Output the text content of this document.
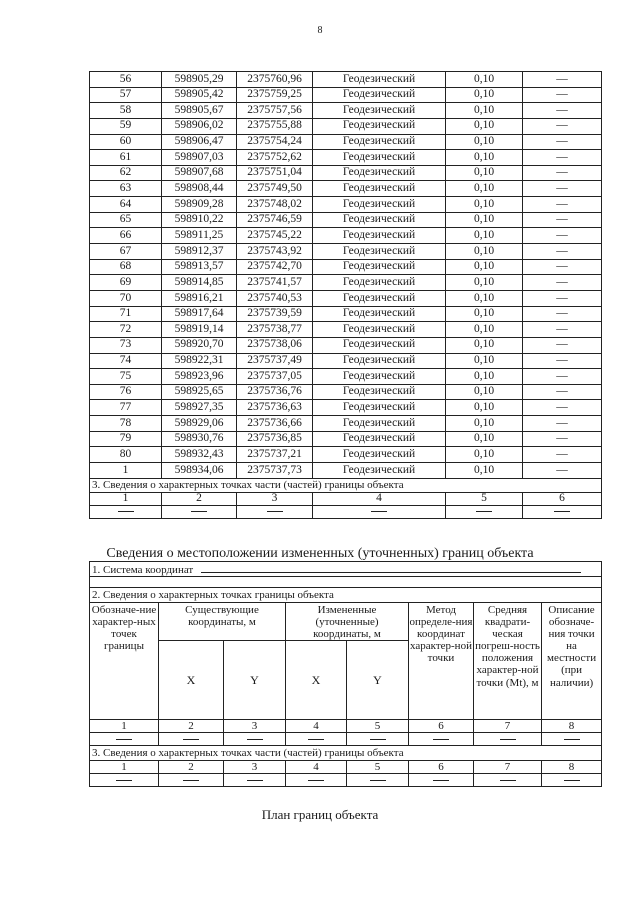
8
56	598905,29	2375760,96	Геодезический	0,10	—
57	598905,42	2375759,25	Геодезический	0,10	—
58	598905,67	2375757,56	Геодезический	0,10	—
59	598906,02	2375755,88	Геодезический	0,10	—
60	598906,47	2375754,24	Геодезический	0,10	—
61	598907,03	2375752,62	Геодезический	0,10	—
62	598907,68	2375751,04	Геодезический	0,10	—
63	598908,44	2375749,50	Геодезический	0,10	—
64	598909,28	2375748,02	Геодезический	0,10	—
65	598910,22	2375746,59	Геодезический	0,10	—
66	598911,25	2375745,22	Геодезический	0,10	—
67	598912,37	2375743,92	Геодезический	0,10	—
68	598913,57	2375742,70	Геодезический	0,10	—
69	598914,85	2375741,57	Геодезический	0,10	—
70	598916,21	2375740,53	Геодезический	0,10	—
71	598917,64	2375739,59	Геодезический	0,10	—
72	598919,14	2375738,77	Геодезический	0,10	—
73	598920,70	2375738,06	Геодезический	0,10	—
74	598922,31	2375737,49	Геодезический	0,10	—
75	598923,96	2375737,05	Геодезический	0,10	—
76	598925,65	2375736,76	Геодезический	0,10	—
77	598927,35	2375736,63	Геодезический	0,10	—
78	598929,06	2375736,66	Геодезический	0,10	—
79	598930,76	2375736,85	Геодезический	0,10	—
80	598932,43	2375737,21	Геодезический	0,10	—
1	598934,06	2375737,73	Геодезический	0,10	—
3. Сведения о характерных точках части (частей) границы объекта					
1	2	3	4	5	6

Сведения о местоположении измененных (уточненных) границ объекта
1. Система координат							

2. Сведения о характерных точках границы объекта							
Обозначе-ние характер-ных точек границы	Существующие координаты, м		Измененные (уточненные) координаты, м		Метод определе-ния координат характер-ной точки	Средняя квадрати-ческая погреш-ность положения характер-ной точки (Mt), м	Описание обозначе-ния точки на местности (при наличии)
	X	Y	X	Y			
1	2	3	4	5	6	7	8

3. Сведения о характерных точках части (частей) границы объекта							
1	2	3	4	5	6	7	8

План границ объекта
